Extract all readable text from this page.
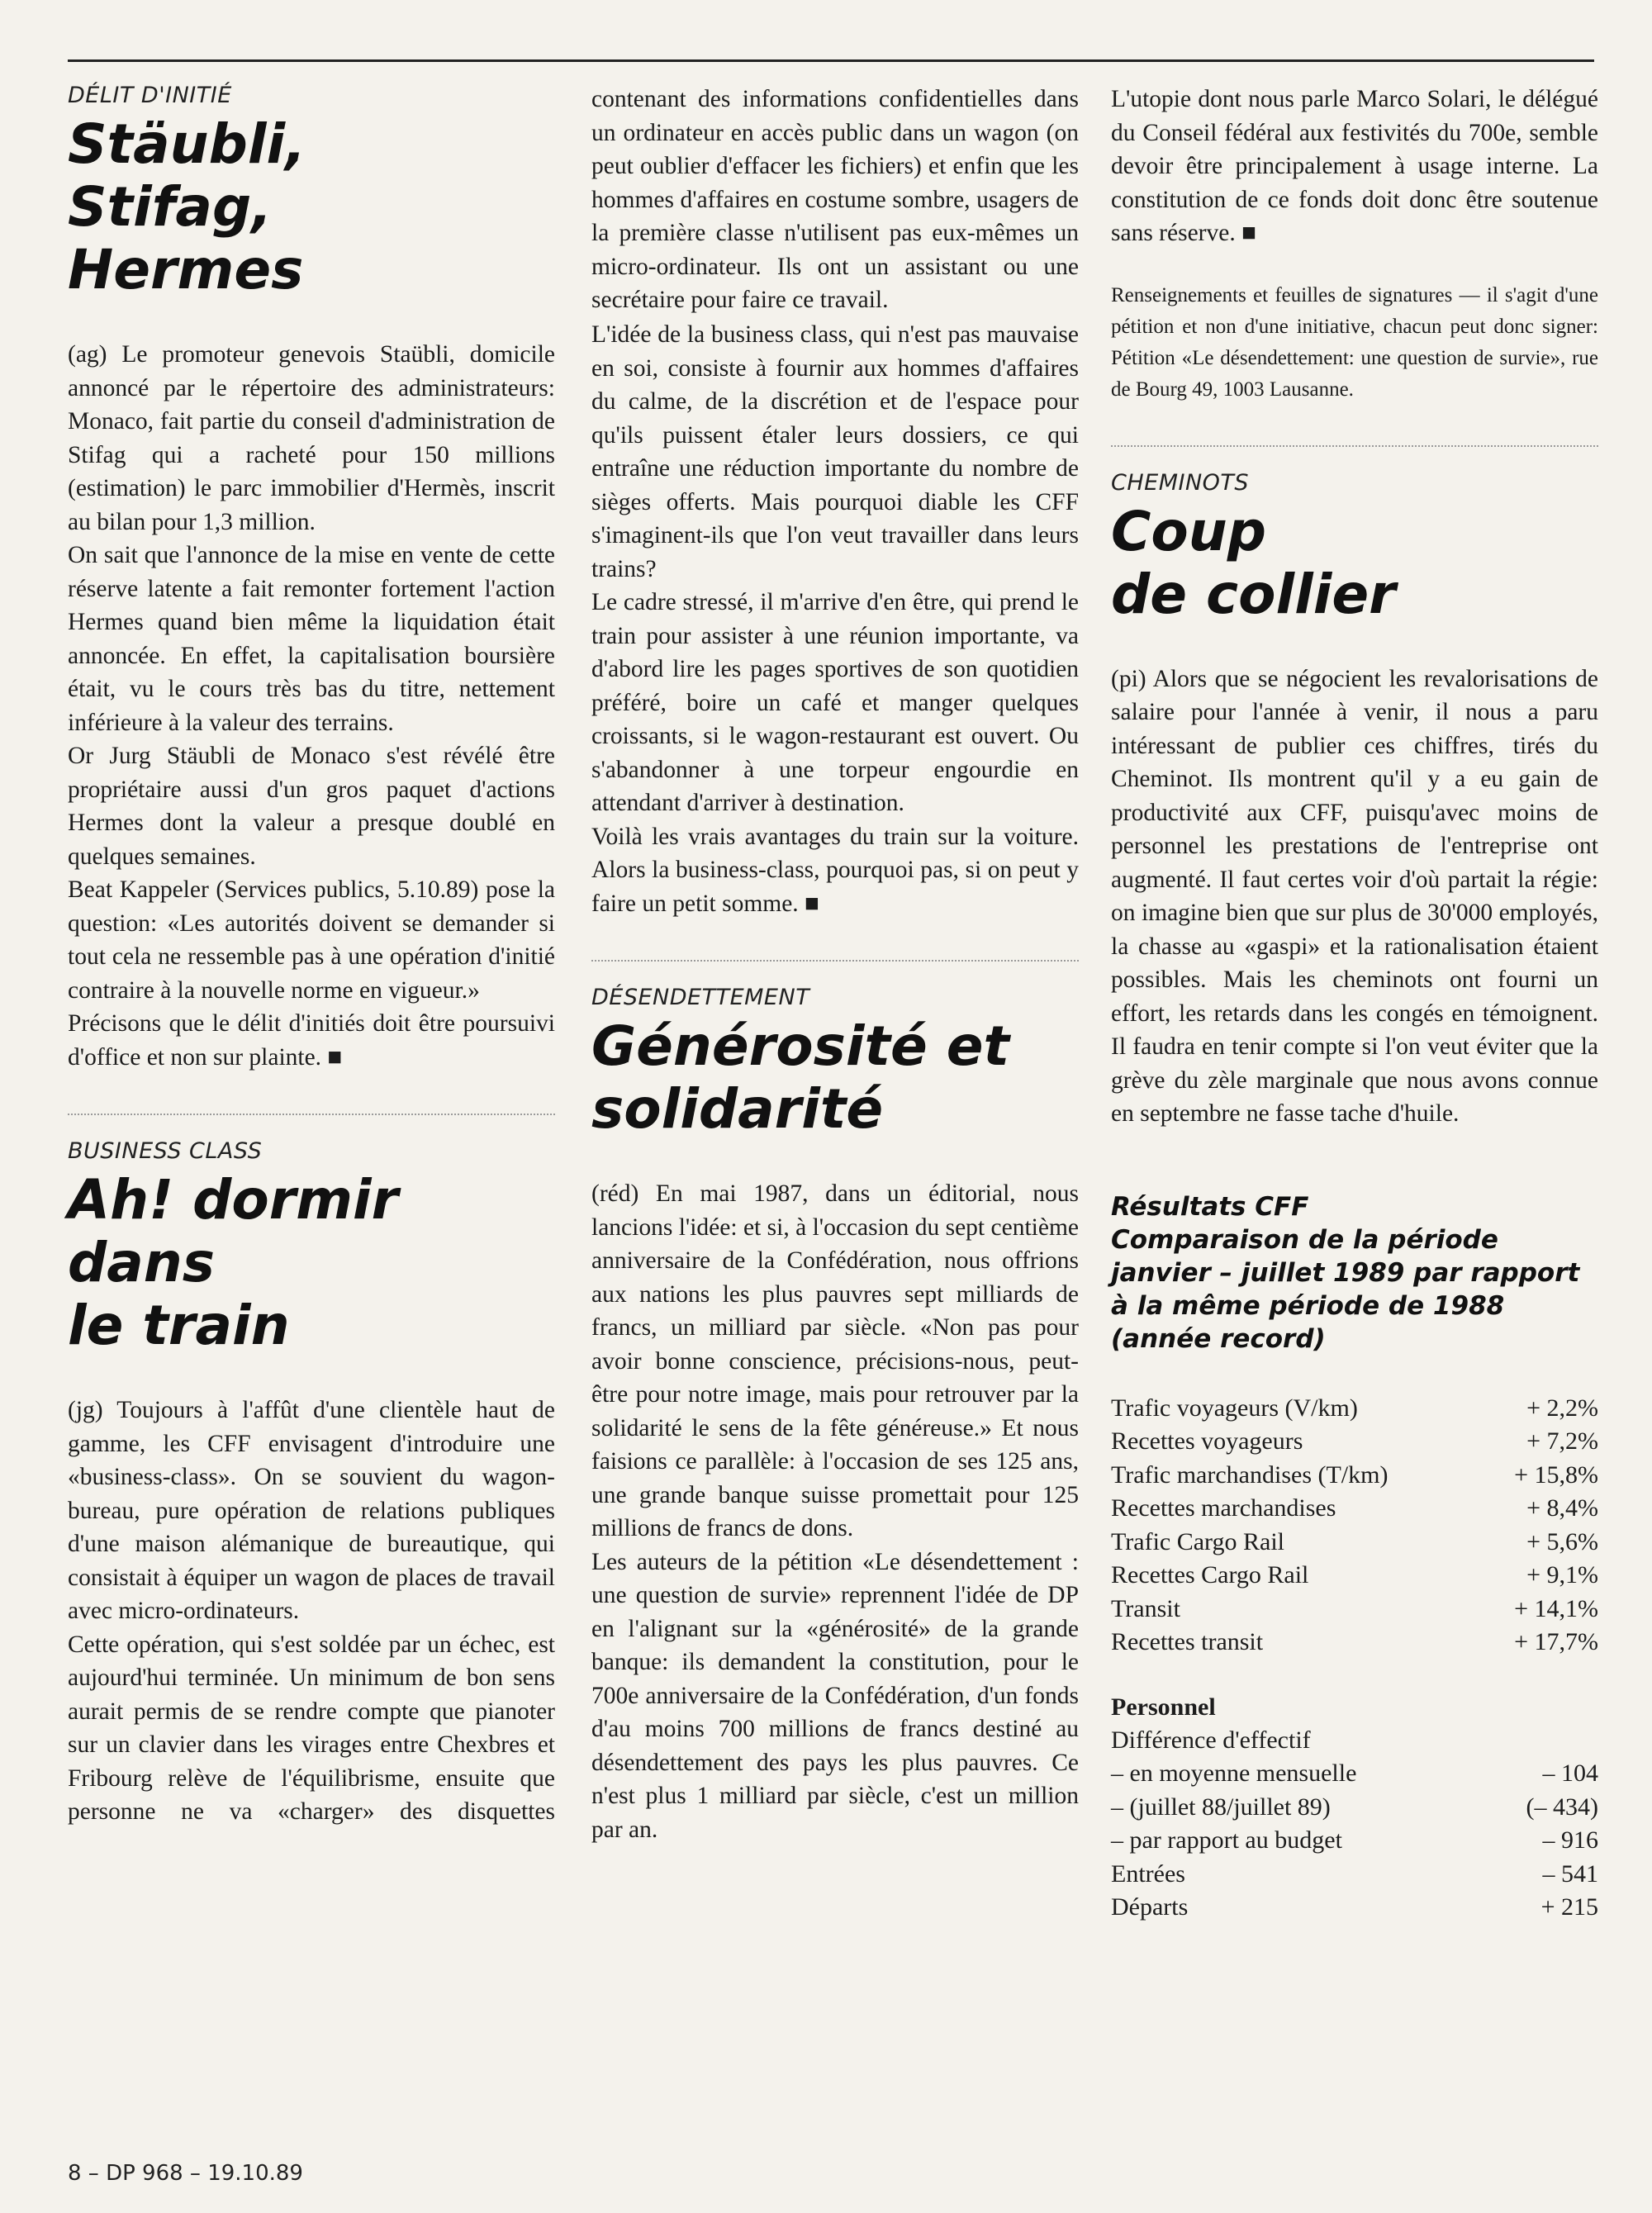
DÉLIT D'INITIÉ
Stäubli,
Stifag,
Hermes

(ag) Le promoteur genevois Staübli, domicile annoncé par le répertoire des administrateurs: Monaco, fait partie du conseil d'administration de Stifag qui a racheté pour 150 millions (estimation) le parc immobilier d'Hermès, inscrit au bilan pour 1,3 million.

On sait que l'annonce de la mise en vente de cette réserve latente a fait remonter fortement l'action Hermes quand bien même la liquidation était annoncée. En effet, la capitalisation boursière était, vu le cours très bas du titre, nettement inférieure à la valeur des terrains.

Or Jurg Stäubli de Monaco s'est révélé être propriétaire aussi d'un gros paquet d'actions Hermes dont la valeur a presque doublé en quelques semaines.

Beat Kappeler (Services publics, 5.10.89) pose la question: «Les autorités doivent se demander si tout cela ne ressemble pas à une opération d'initié contraire à la nouvelle norme en vigueur.»

Précisons que le délit d'initiés doit être poursuivi d'office et non sur plainte. ■

BUSINESS CLASS
Ah! dormir dans
le train

(jg) Toujours à l'affût d'une clientèle haut de gamme, les CFF envisagent d'introduire une «business-class». On se souvient du wagon-bureau, pure opération de relations publiques d'une maison alémanique de bureautique, qui consistait à équiper un wagon de places de travail avec micro-ordinateurs.

Cette opération, qui s'est soldée par un échec, est aujourd'hui terminée. Un minimum de bon sens aurait permis de se rendre compte que pianoter sur un clavier dans les virages entre Chexbres et Fribourg relève de l'équilibrisme, ensuite que personne ne va «charger» des disquettes

contenant des informations confidentielles dans un ordinateur en accès public dans un wagon (on peut oublier d'effacer les fichiers) et enfin que les hommes d'affaires en costume sombre, usagers de la première classe n'utilisent pas eux-mêmes un micro-ordinateur. Ils ont un assistant ou une secrétaire pour faire ce travail.

L'idée de la business class, qui n'est pas mauvaise en soi, consiste à fournir aux hommes d'affaires du calme, de la discrétion et de l'espace pour qu'ils puissent étaler leurs dossiers, ce qui entraîne une réduction importante du nombre de sièges offerts. Mais pourquoi diable les CFF s'imaginent-ils que l'on veut travailler dans leurs trains?

Le cadre stressé, il m'arrive d'en être, qui prend le train pour assister à une réunion importante, va d'abord lire les pages sportives de son quotidien préféré, boire un café et manger quelques croissants, si le wagon-restaurant est ouvert. Ou s'abandonner à une torpeur engourdie en attendant d'arriver à destination.

Voilà les vrais avantages du train sur la voiture. Alors la business-class, pourquoi pas, si on peut y faire un petit somme. ■

DÉSENDETTEMENT
Générosité et
solidarité

(réd) En mai 1987, dans un éditorial, nous lancions l'idée: et si, à l'occasion du sept centième anniversaire de la Confédération, nous offrions aux nations les plus pauvres sept milliards de francs, un milliard par siècle. «Non pas pour avoir bonne conscience, précisions-nous, peut-être pour notre image, mais pour retrouver par la solidarité le sens de la fête généreuse.» Et nous faisions ce parallèle: à l'occasion de ses 125 ans, une grande banque suisse promettait pour 125 millions de francs de dons.

Les auteurs de la pétition «Le désendettement : une question de survie» reprennent l'idée de DP en l'alignant sur la «générosité» de la grande banque: ils demandent la constitution, pour le 700e anniversaire de la Confédération, d'un fonds d'au moins 700 millions de francs destiné au désendettement des pays les plus pauvres. Ce n'est plus 1 milliard par siècle, c'est un million par an.

L'utopie dont nous parle Marco Solari, le délégué du Conseil fédéral aux festivités du 700e, semble devoir être principalement à usage interne. La constitution de ce fonds doit donc être soutenue sans réserve. ■

Renseignements et feuilles de signatures — il s'agit d'une pétition et non d'une initiative, chacun peut donc signer: Pétition «Le désendettement: une question de survie», rue de Bourg 49, 1003 Lausanne.

CHEMINOTS
Coup
de collier

(pi) Alors que se négocient les revalorisations de salaire pour l'année à venir, il nous a paru intéressant de publier ces chiffres, tirés du Cheminot. Ils montrent qu'il y a eu gain de productivité aux CFF, puisqu'avec moins de personnel les prestations de l'entreprise ont augmenté. Il faut certes voir d'où partait la régie: on imagine bien que sur plus de 30'000 employés, la chasse au «gaspi» et la rationalisation étaient possibles. Mais les cheminots ont fourni un effort, les retards dans les congés en témoignent. Il faudra en tenir compte si l'on veut éviter que la grève du zèle marginale que nous avons connue en septembre ne fasse tache d'huile.

Résultats CFF
Comparaison de la période
janvier – juillet 1989 par rapport
à la même période de 1988
(année record)
Trafic voyageurs (V/km)	+ 2,2%
Recettes voyageurs	+ 7,2%
Trafic marchandises (T/km)	+ 15,8%
Recettes marchandises	+ 8,4%
Trafic Cargo Rail	+ 5,6%
Recettes Cargo Rail	+ 9,1%
Transit	+ 14,1%
Recettes transit	+ 17,7%
Personnel
Différence d'effectif	
– en moyenne mensuelle	– 104
– (juillet 88/juillet 89)	(– 434)
– par rapport au budget	– 916
Entrées	– 541
Départs	+ 215
8 – DP 968 – 19.10.89
